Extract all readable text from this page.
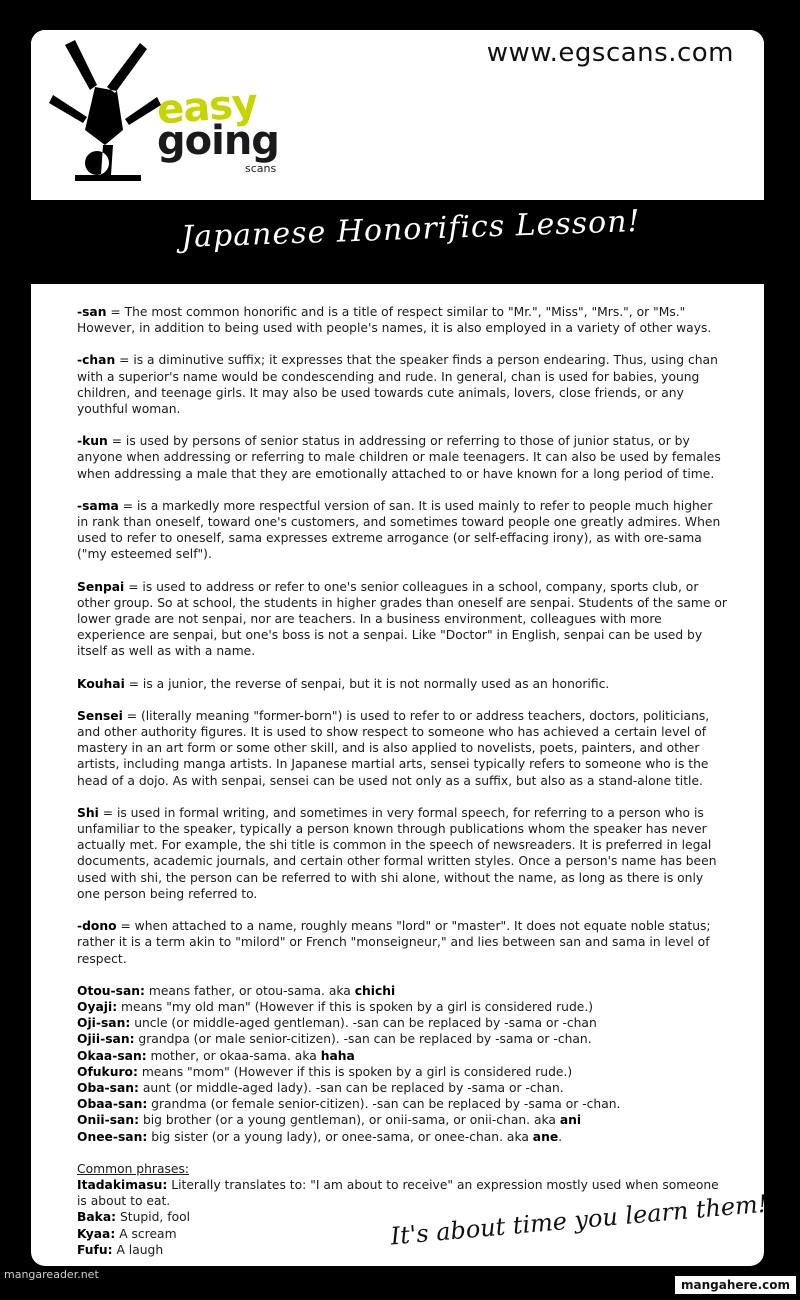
easy
going
scans
www.egscans.com
Japanese Honorifics Lesson!

-san = The most common honorific and is a title of respect similar to "Mr.", "Miss", "Mrs.", or "Ms." However, in addition to being used with people's names, it is also employed in a variety of other ways.

-chan = is a diminutive suffix; it expresses that the speaker finds a person endearing. Thus, using chan with a superior's name would be condescending and rude. In general, chan is used for babies, young children, and teenage girls. It may also be used towards cute animals, lovers, close friends, or any youthful woman.

-kun = is used by persons of senior status in addressing or referring to those of junior status, or by anyone when addressing or referring to male children or male teenagers. It can also be used by females when addressing a male that they are emotionally attached to or have known for a long period of time.

-sama = is a markedly more respectful version of san. It is used mainly to refer to people much higher in rank than oneself, toward one's customers, and sometimes toward people one greatly admires. When used to refer to oneself, sama expresses extreme arrogance (or self-effacing irony), as with ore-sama ("my esteemed self").

Senpai = is used to address or refer to one's senior colleagues in a school, company, sports club, or other group. So at school, the students in higher grades than oneself are senpai. Students of the same or lower grade are not senpai, nor are teachers. In a business environment, colleagues with more experience are senpai, but one's boss is not a senpai. Like "Doctor" in English, senpai can be used by itself as well as with a name.

Kouhai = is a junior, the reverse of senpai, but it is not normally used as an honorific.

Sensei = (literally meaning "former-born") is used to refer to or address teachers, doctors, politicians, and other authority figures. It is used to show respect to someone who has achieved a certain level of mastery in an art form or some other skill, and is also applied to novelists, poets, painters, and other artists, including manga artists. In Japanese martial arts, sensei typically refers to someone who is the head of a dojo. As with senpai, sensei can be used not only as a suffix, but also as a stand-alone title.

Shi = is used in formal writing, and sometimes in very formal speech, for referring to a person who is unfamiliar to the speaker, typically a person known through publications whom the speaker has never actually met. For example, the shi title is common in the speech of newsreaders. It is preferred in legal documents, academic journals, and certain other formal written styles. Once a person's name has been used with shi, the person can be referred to with shi alone, without the name, as long as there is only one person being referred to.

-dono = when attached to a name, roughly means "lord" or "master". It does not equate noble status; rather it is a term akin to "milord" or French "monseigneur," and lies between san and sama in level of respect.

Otou-san: means father, or otou-sama. aka chichi
Oyaji: means "my old man" (However if this is spoken by a girl is considered rude.)
Oji-san: uncle (or middle-aged gentleman). -san can be replaced by -sama or -chan
Ojii-san: grandpa (or male senior-citizen). -san can be replaced by -sama or -chan.
Okaa-san: mother, or okaa-sama. aka haha
Ofukuro: means "mom" (However if this is spoken by a girl is considered rude.)
Oba-san: aunt (or middle-aged lady). -san can be replaced by -sama or -chan.
Obaa-san: grandma (or female senior-citizen). -san can be replaced by -sama or -chan.
Onii-san: big brother (or a young gentleman), or onii-sama, or onii-chan. aka ani
Onee-san: big sister (or a young lady), or onee-sama, or onee-chan. aka ane.
Common phrases:
Itadakimasu: Literally translates to: "I am about to receive" an expression mostly used when someone is about to eat.
Baka: Stupid, fool
Kyaa: A scream
Fufu: A laugh	It's about time you learn them!
mangareader.net
mangahere.com
